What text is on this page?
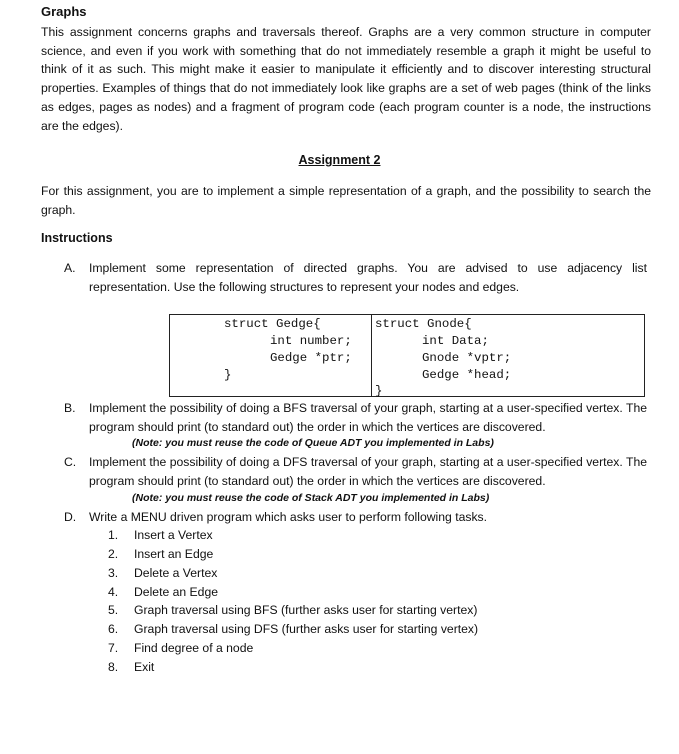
Graphs
This assignment concerns graphs and traversals thereof. Graphs are a very common structure in computer science, and even if you work with something that do not immediately resemble a graph it might be useful to think of it as such. This might make it easier to manipulate it efficiently and to discover interesting structural properties. Examples of things that do not immediately look like graphs are a set of web pages (think of the links as edges, pages as nodes) and a fragment of program code (each program counter is a node, the instructions are the edges).
Assignment 2
For this assignment, you are to implement a simple representation of a graph, and the possibility to search the graph.
Instructions
A. Implement some representation of directed graphs. You are advised to use adjacency list representation. Use the following structures to represent your nodes and edges.
struct Gedge{
int number;
Gedge *ptr;
}
struct Gnode{
int Data;
Gnode *vptr;
Gedge *head;
}
B. Implement the possibility of doing a BFS traversal of your graph, starting at a user-specified vertex. The program should print (to standard out) the order in which the vertices are discovered.
(Note: you must reuse the code of Queue ADT you implemented in Labs)
C. Implement the possibility of doing a DFS traversal of your graph, starting at a user-specified vertex. The program should print (to standard out) the order in which the vertices are discovered.
(Note: you must reuse the code of Stack ADT you implemented in Labs)
D. Write a MENU driven program which asks user to perform following tasks.
1. Insert a Vertex
2. Insert an Edge
3. Delete a Vertex
4. Delete an Edge
5. Graph traversal using BFS (further asks user for starting vertex)
6. Graph traversal using DFS (further asks user for starting vertex)
7. Find degree of a node
8. Exit
